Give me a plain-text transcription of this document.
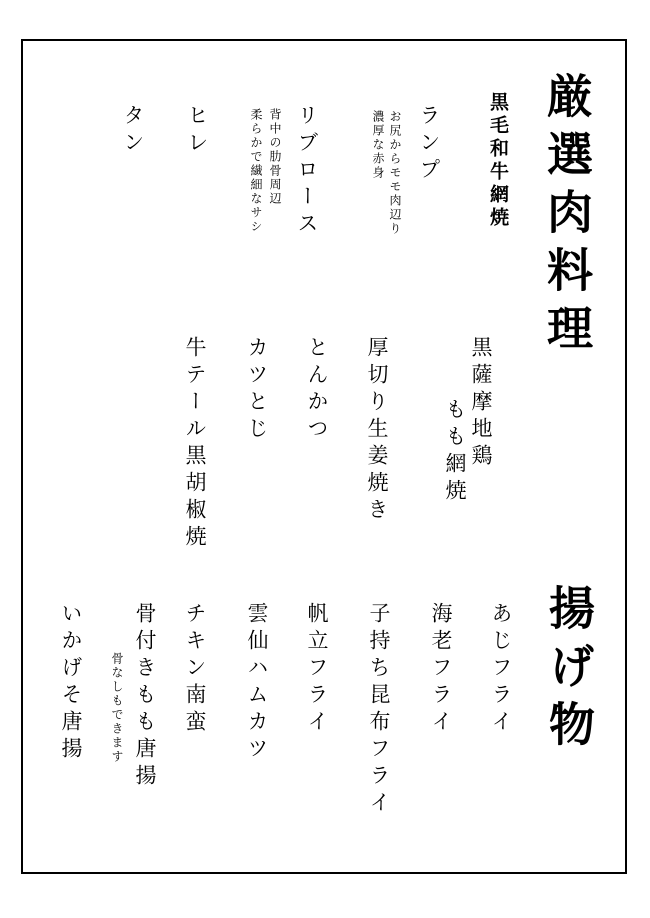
厳選肉料理
黒毛和牛網焼
ランプ
お尻からモモ肉辺り
濃厚な赤身
リブロース
背中の肋骨周辺
柔らかで繊細なサシ
ヒレ
タン
黒薩摩地鶏
もも網焼
厚切り生姜焼き
とんかつ
カツとじ
牛テール黒胡椒焼
揚げ物
あじフライ
海老フライ
子持ち昆布フライ
帆立フライ
雲仙ハムカツ
チキン南蛮
骨付きもも唐揚
骨なしもできます
いかげそ唐揚
